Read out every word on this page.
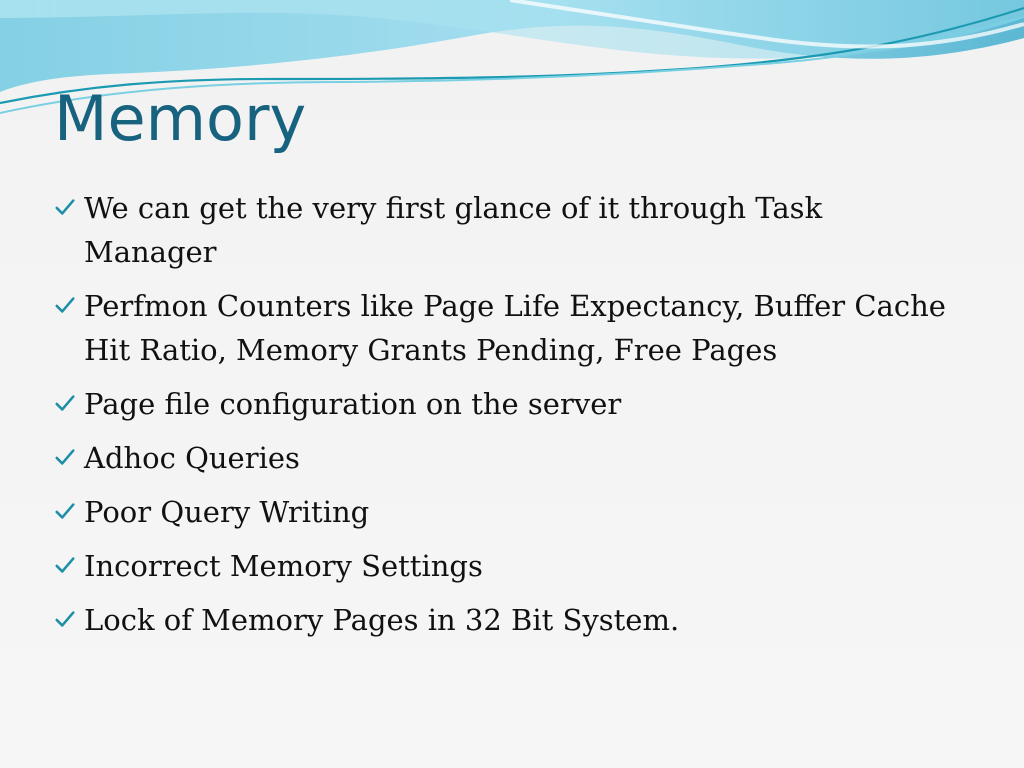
Memory
We can get the very first glance of it through Task Manager
Perfmon Counters like Page Life Expectancy, Buffer Cache Hit Ratio, Memory Grants Pending, Free Pages
Page file configuration on the server
Adhoc Queries
Poor Query Writing
Incorrect Memory Settings
Lock of Memory Pages in 32 Bit System.
